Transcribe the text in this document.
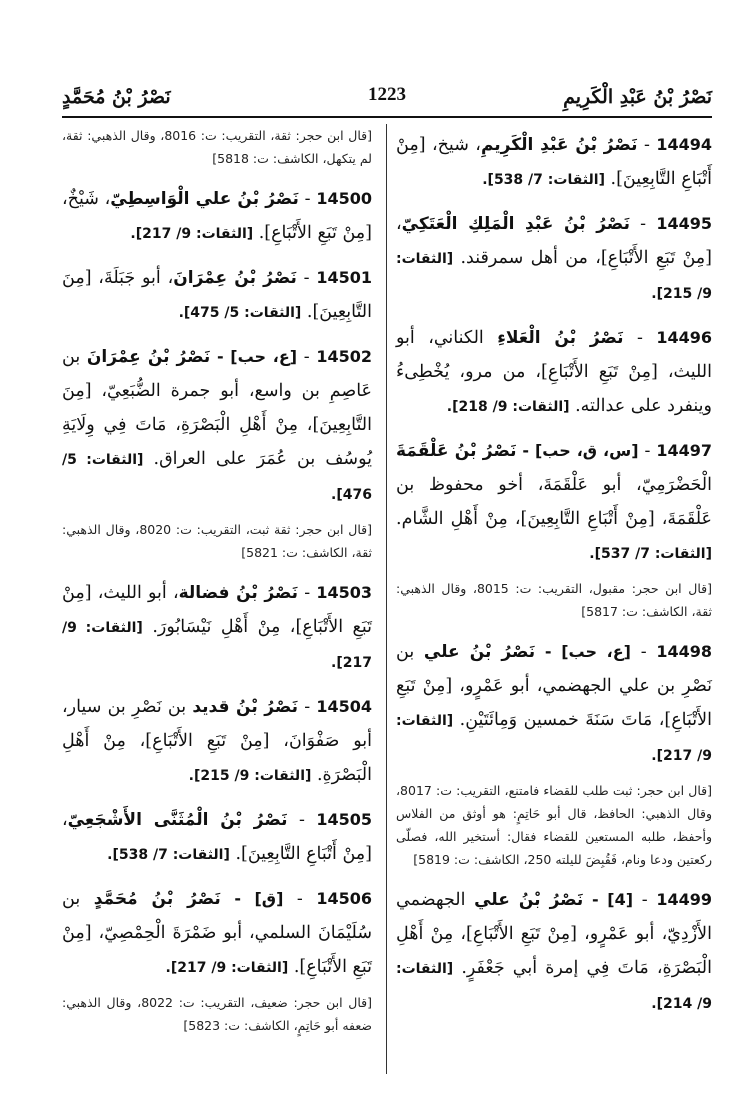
نَصْرُ بْنُ عَبْدِ الْكَرِيمِ
1223
نَصْرُ بْنُ مُحَمَّدٍ

14494 - نَصْرُ بْنُ عَبْدِ الْكَرِيمِ، شيخ، [مِنْ أَتْبَاعِ التَّابِعِينَ]. [الثقات: 7/ 538].

14495 - نَصْرُ بْنُ عَبْدِ الْمَلِكِ الْعَتَكِيّ، [مِنْ تَبَعِ الأَتْبَاعِ]، من أهل سمرقند. [الثقات: 9/ 215].

14496 - نَصْرُ بْنُ الْعَلاءِ الكناني، أبو الليث، [مِنْ تَبَعِ الأَتْبَاعِ]، من مرو، يُخْطِىءُ وينفرد على عدالته. [الثقات: 9/ 218].

14497 - [س، ق، حب] - نَصْرُ بْنُ عَلْقَمَةَ الْحَضْرَمِيّ، أبو عَلْقَمَةَ، أخو محفوظ بن عَلْقَمَةَ، [مِنْ أَتْبَاعِ التَّابِعِينَ]، مِنْ أَهْلِ الشَّام. [الثقات: 7/ 537].

[قال ابن حجر: مقبول، التقريب: ت: 8015، وقال الذهبي: ثقة، الكاشف: ت: 5817]

14498 - [ع، حب] - نَصْرُ بْنُ علي بن نَصْرِ بن علي الجهضمي، أبو عَمْرٍو، [مِنْ تَبَعِ الأَتْبَاعِ]، مَاتَ سَنَةَ خمسين وَمِائَتَيْنِ. [الثقات: 9/ 217].

[قال ابن حجر: ثبت طلب للقضاء فامتنع، التقريب: ت: 8017، وقال الذهبي: الحافظ، قال أبو حَاتِمٍ: هو أوثق من الفلاس وأحفظ، طلبه المستعين للقضاء فقال: أستخير الله، فصلّى ركعتين ودعا ونام، فَقُبِضَ لليلته 250، الكاشف: ت: 5819]

14499 - [4] - نَصْرُ بْنُ علي الجهضمي الأَزْدِيّ، أبو عَمْرٍو، [مِنْ تَبَعِ الأَتْبَاعِ]، مِنْ أَهْلِ الْبَصْرَةِ، مَاتَ فِي إمرة أبي جَعْفَرٍ. [الثقات: 9/ 214].

[قال ابن حجر: ثقة، التقريب: ت: 8016، وقال الذهبي: ثقة، لم يتكهل، الكاشف: ت: 5818]

14500 - نَصْرُ بْنُ علي الْوَاسِطِيّ، شَيْخٌ، [مِنْ تَبَعِ الأَتْبَاعِ]. [الثقات: 9/ 217].

14501 - نَصْرُ بْنُ عِمْرَانَ، أبو جَبَلَةَ، [مِنَ التَّابِعِينَ]. [الثقات: 5/ 475].

14502 - [ع، حب] - نَصْرُ بْنُ عِمْرَانَ بن عَاصِمِ بن واسع، أبو جمرة الضُّبَعِيّ، [مِنَ التَّابِعِينَ]، مِنْ أَهْلِ الْبَصْرَةِ، مَاتَ فِي وِلَايَةِ يُوسُف بن عُمَرَ على العراق. [الثقات: 5/ 476].

[قال ابن حجر: ثقة ثبت، التقريب: ت: 8020، وقال الذهبي: ثقة، الكاشف: ت: 5821]

14503 - نَصْرُ بْنُ فضالة، أبو الليث، [مِنْ تَبَعِ الأَتْبَاعِ]، مِنْ أَهْلِ نَيْسَابُورَ. [الثقات: 9/ 217].

14504 - نَصْرُ بْنُ قديد بن نَصْرِ بن سيار، أبو صَفْوَانَ، [مِنْ تَبَعِ الأَتْبَاعِ]، مِنْ أَهْلِ الْبَصْرَةِ. [الثقات: 9/ 215].

14505 - نَصْرُ بْنُ الْمُثَنَّى الأَشْجَعِيّ، [مِنْ أَتْبَاعِ التَّابِعِينَ]. [الثقات: 7/ 538].

14506 - [ق] - نَصْرُ بْنُ مُحَمَّدٍ بن سُلَيْمَانَ السلمي، أبو ضَمْرَةَ الْحِمْصِيّ، [مِنْ تَبَعِ الأَتْبَاعِ]. [الثقات: 9/ 217].

[قال ابن حجر: ضعيف، التقريب: ت: 8022، وقال الذهبي: ضعفه أبو حَاتِمٍ، الكاشف: ت: 5823]
